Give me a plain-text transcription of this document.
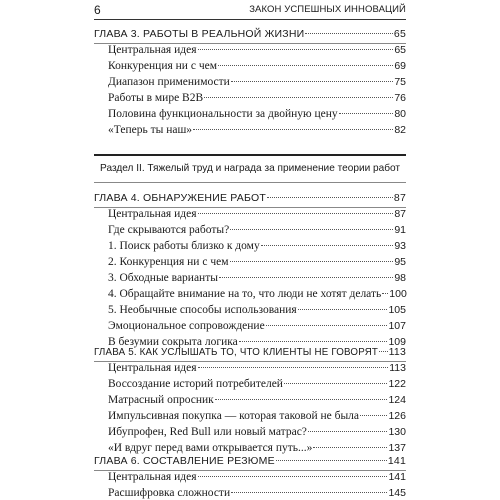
6	ЗАКОН УСПЕШНЫХ ИННОВАЦИЙ
ГЛАВА 3. РАБОТЫ В РЕАЛЬНОЙ ЖИЗНИ	65
Центральная идея	65
Конкуренция ни с чем	69
Диапазон применимости	75
Работы в мире B2B	76
Половина функциональности за двойную цену	80
«Теперь ты наш»	82
Раздел II. Тяжелый труд и награда за применение теории работ
ГЛАВА 4. ОБНАРУЖЕНИЕ РАБОТ	87
Центральная идея	87
Где скрываются работы?	91
1. Поиск работы близко к дому	93
2. Конкуренция ни с чем	95
3. Обходные варианты	98
4. Обращайте внимание на то, что люди не хотят делать 100
5. Необычные способы использования	105
Эмоциональное сопровождение	107
В безумии сокрыта логика	109
ГЛАВА 5. КАК УСЛЫШАТЬ ТО, ЧТО КЛИЕНТЫ НЕ ГОВОРЯТ 113
Центральная идея	113
Воссоздание историй потребителей	122
Матрасный опросник	124
Импульсивная покупка — которая таковой не была	126
Ибупрофен, Red Bull или новый матрас?	130
«И вдруг перед вами открывается путь...»	137
ГЛАВА 6. СОСТАВЛЕНИЕ РЕЗЮМЕ	141
Центральная идея	141
Расшифровка сложности	145
